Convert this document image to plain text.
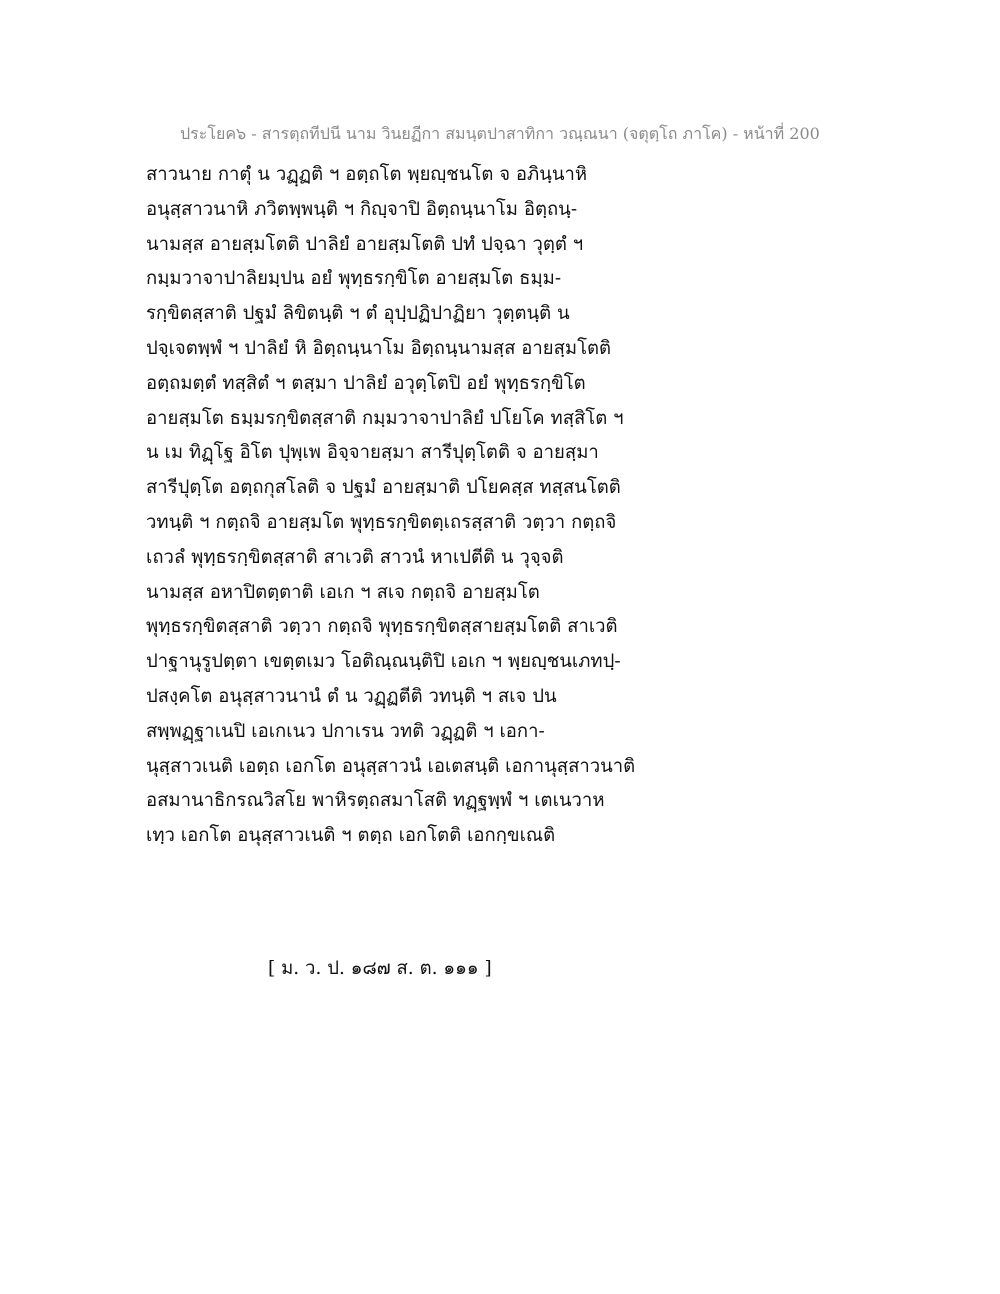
ประโยค๖ - สารตฺถทีปนี นาม วินยฏีกา สมนฺตปาสาทิกา วณฺณนา (จตุตฺโถ ภาโค) - หน้าที่ 200
สาวนาย กาตุํ น วฏฺฏติ ฯ อตฺถโต พฺยญฺชนโต จ อภินฺนาหิ
อนุสฺสาวนาหิ ภวิตพฺพนฺติ ฯ กิญฺจาปิ อิตฺถนฺนาโม อิตฺถนฺ-
นามสฺส อายสฺมโตติ ปาลิยํ อายสฺมโตติ ปทํ ปจฺฉา วุตฺตํ ฯ
กมฺมวาจาปาลิยมฺปน อยํ พุทฺธรกฺขิโต อายสฺมโต ธมฺม-
รกฺขิตสฺสาติ ปฐมํ ลิขิตนฺติ ฯ ตํ อุปฺปฏิปาฏิยา วุตฺตนฺติ น
ปจฺเจตพฺพํ ฯ ปาลิยํ หิ อิตฺถนฺนาโม อิตฺถนฺนามสฺส อายสฺมโตติ
อตฺถมตฺตํ ทสฺสิตํ ฯ ตสฺมา ปาลิยํ อวุตฺโตปิ อยํ พุทฺธรกฺขิโต
อายสฺมโต ธมฺมรกฺขิตสฺสาติ กมฺมวาจาปาลิยํ ปโยโค ทสฺสิโต ฯ
น เม ทิฏฺโฐ อิโต ปุพฺเพ อิจฺจายสฺมา สารีปุตฺโตติ จ อายสฺมา
สารีปุตฺโต อตฺถกุสโลติ จ ปฐมํ อายสฺมาติ ปโยคสฺส ทสฺสนโตติ
วทนฺติ ฯ กตฺถจิ อายสฺมโต พุทฺธรกฺขิตตฺเถรสฺสาติ วตฺวา กตฺถจิ
เถวลํ พุทฺธรกฺขิตสฺสาติ สาเวติ สาวนํ หาเปตีติ น วุจฺจติ
นามสฺส อหาปิตตฺตาติ เอเก ฯ สเจ กตฺถจิ อายสฺมโต
พุทฺธรกฺขิตสฺสาติ วตฺวา กตฺถจิ พุทฺธรกฺขิตสฺสายสฺมโตติ สาเวติ
ปาฐานุรูปตฺตา เขตฺตเมว โอติณฺณนฺติปิ เอเก ฯ พฺยญฺชนเภทปฺ-
ปสงฺคโต อนุสฺสาวนานํ ตํ น วฏฺฏตีติ วทนฺติ ฯ สเจ ปน
สพฺพฏฺฐาเนปิ เอเกเนว ปกาเรน วทติ วฏฺฏติ ฯ เอกา-
นุสฺสาวเนติ เอตฺถ เอกโต อนุสฺสาวนํ เอเตสนฺติ เอกานุสฺสาวนาติ
อสมานาธิกรณวิสโย พาหิรตฺถสมาโสติ ทฏฺฐพฺพํ ฯ เตเนวาห
เทฺว เอกโต อนุสฺสาวเนติ ฯ ตตฺถ เอกโตติ เอกกฺขเณติ
[ ม. ว. ป. ๑๘๗ ส. ต. ๑๑๑ ]
